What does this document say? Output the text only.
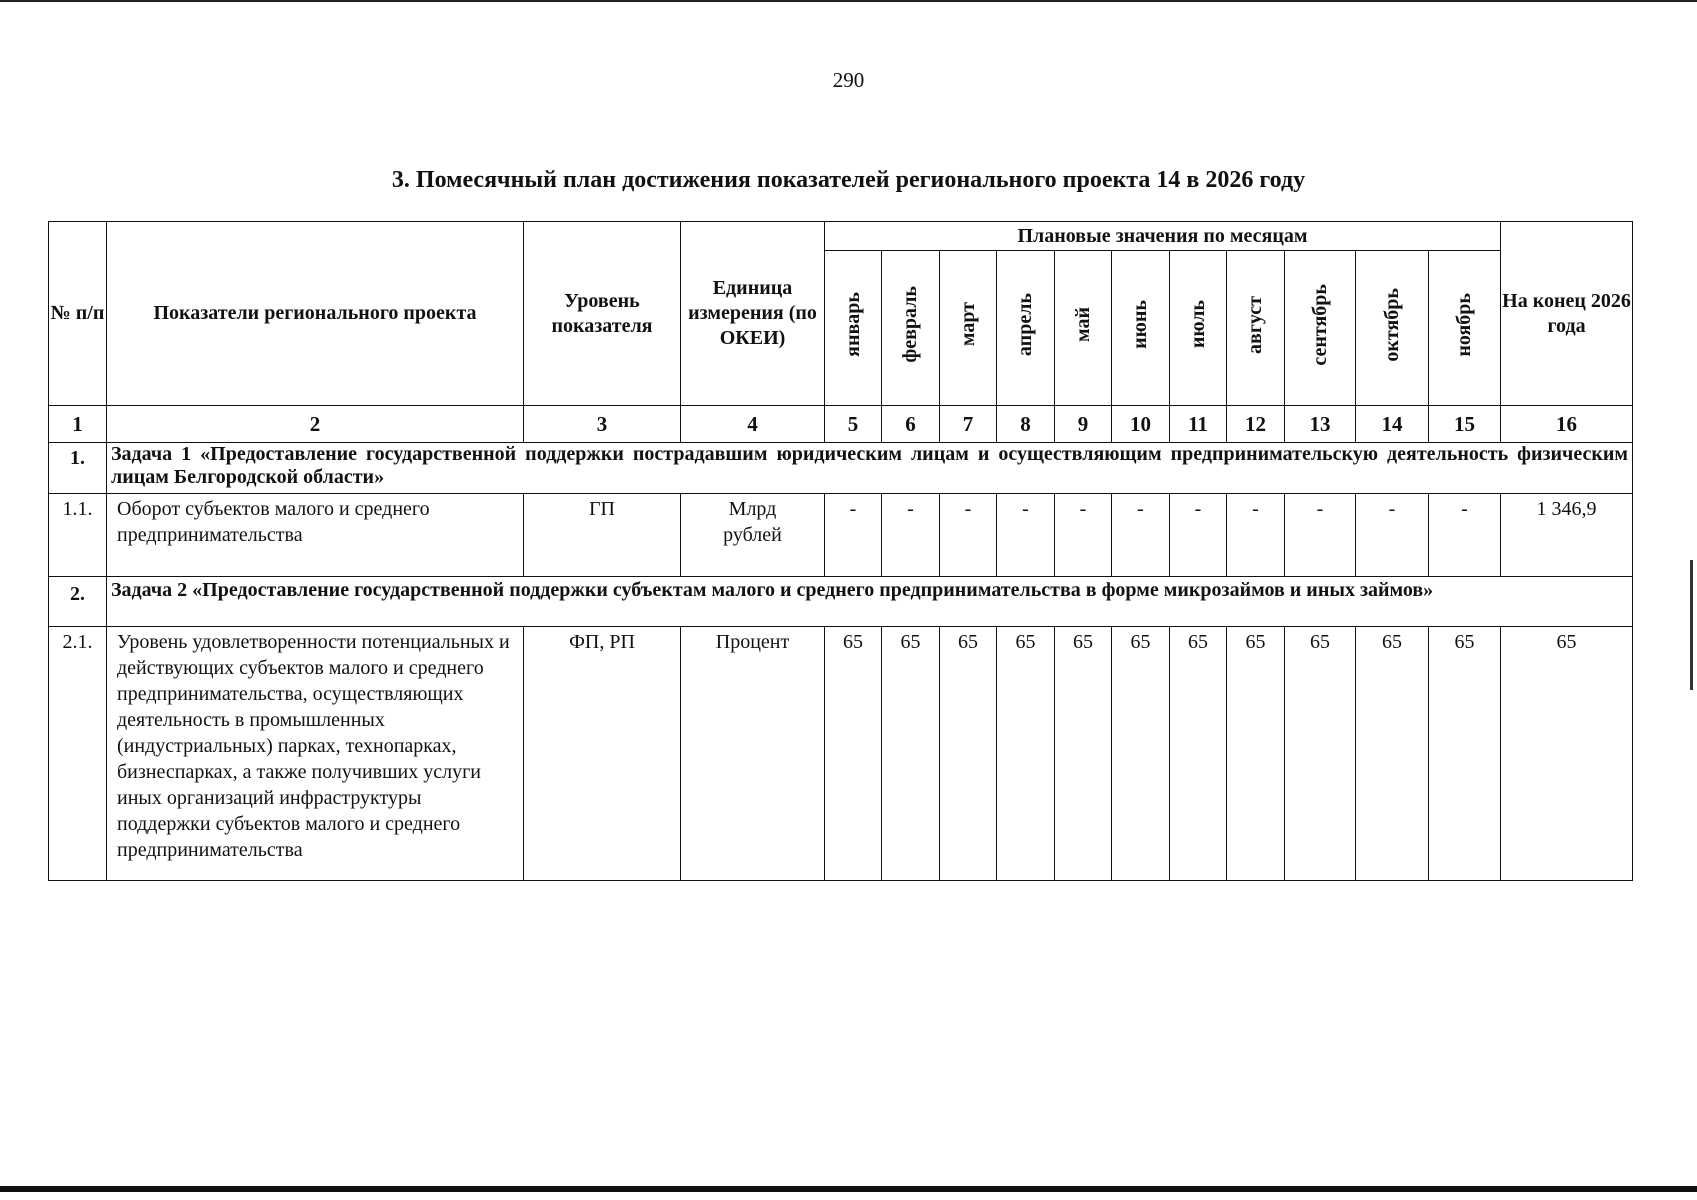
290
3. Помесячный план достижения показателей регионального проекта 14 в 2026 году
№ п/п	Показатели регионального проекта	Уровень показателя	Единица измерения (по ОКЕИ)	Плановые значения по месяцам											На конец 2026 года
				январь	февраль	март	апрель	май	июнь	июль	август	сентябрь	октябрь	ноябрь	
1	2	3	4	5	6	7	8	9	10	11	12	13	14	15	16
1.	Задача 1 «Предоставление государственной поддержки пострадавшим юридическим лицам и осуществляющим предпринимательскую деятельность физическим лицам Белгородской области»														
1.1.	Оборот субъектов малого и среднего предпринимательства	ГП	Млрд рублей	-	-	-	-	-	-	-	-	-	-	-	1 346,9
2.	Задача 2 «Предоставление государственной поддержки субъектам малого и среднего предпринимательства в форме микрозаймов и иных займов»														
2.1.	Уровень удовлетворенности потенциальных и действующих субъектов малого и среднего предпринимательства, осуществляющих деятельность в промышленных (индустриальных) парках, технопарках, бизнеспарках, а также получивших услуги иных организаций инфраструктуры поддержки субъектов малого и среднего предпринимательства	ФП, РП	Процент	65	65	65	65	65	65	65	65	65	65	65	65
